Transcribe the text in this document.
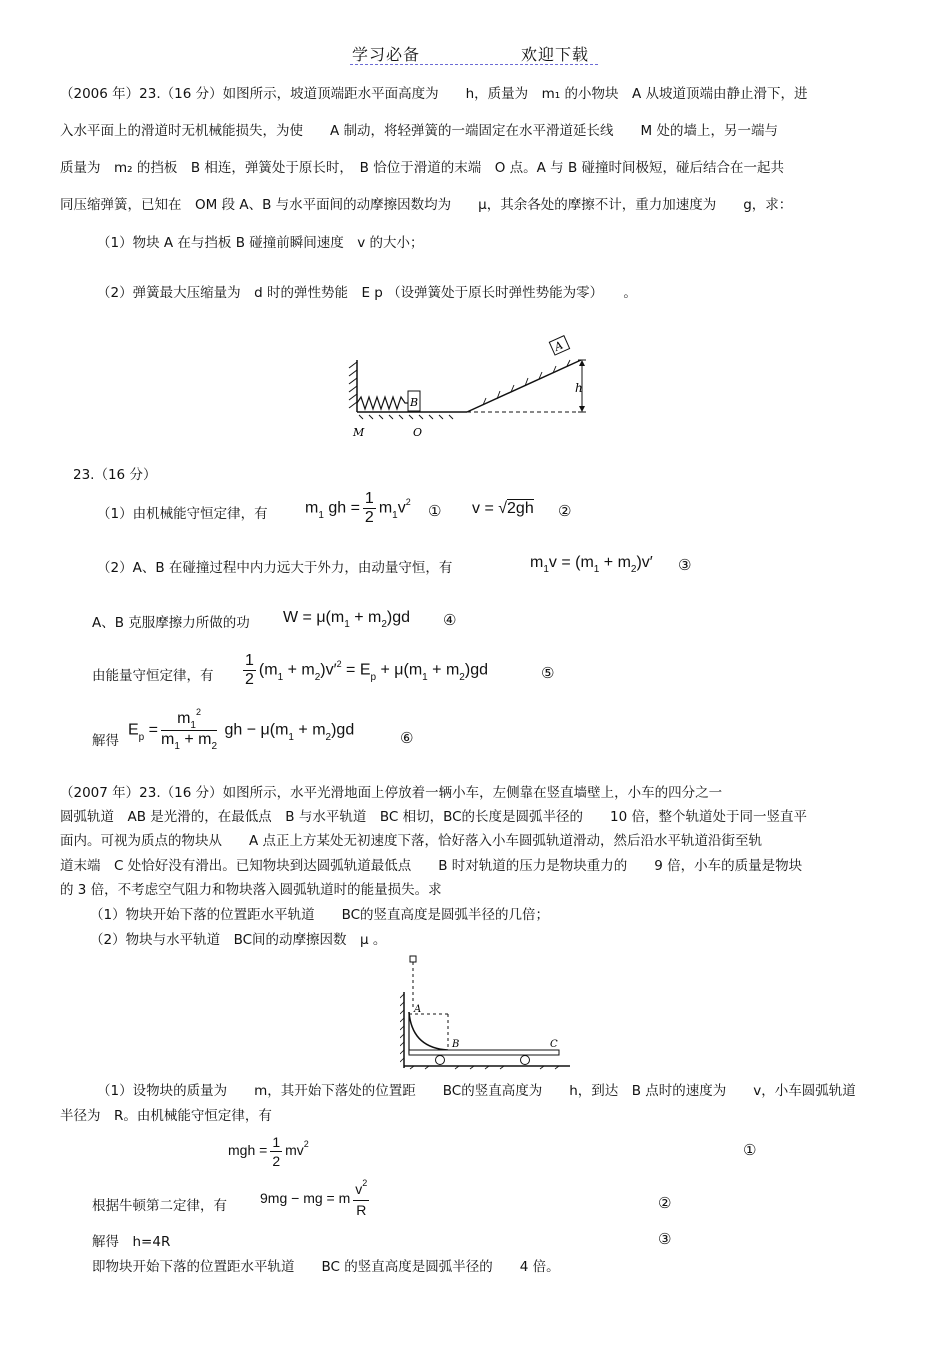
学习必备	欢迎下载
（2006 年）23.（16 分）如图所示，坡道顶端距水平面高度为　　h，质量为　m₁ 的小物块　A 从坡道顶端由静止滑下，进
入水平面上的滑道时无机械能损失，为使　　A 制动，将轻弹簧的一端固定在水平滑道延长线　　M 处的墙上，另一端与
质量为　m₂ 的挡板　B 相连，弹簧处于原长时，　B 恰位于滑道的末端　O 点。A 与 B 碰撞时间极短，碰后结合在一起共
同压缩弹簧，已知在　OM 段 A、B 与水平面间的动摩擦因数均为　　μ，其余各处的摩擦不计，重力加速度为　　g，求：
（1）物块 A 在与挡板 B 碰撞前瞬间速度　v 的大小；
（2）弹簧最大压缩量为　d 时的弹性势能　E p （设弹簧处于原长时弹性势能为零）　　。
B
A
h
M	O
23.（16 分）
（1）由机械能守恒定律，有 $m_1$ gh = $\frac{1}{2} m_1v^2$
① v = √2gh ②
（2）A、B 在碰撞过程中内力远大于外力，由动量守恒，有	$m_1v = (m_1 + m_2)v'$ ③
A、B 克服摩擦力所做的功 $W = \mu(m_1 + m_2)gd$ ④
由能量守恒定律，有 $\frac{1}{2} (m_1 + m_2)v'^2 = E_p + \mu(m_1 + m_2)gd$	⑤
解得
$E_p = \frac{m_1^2}{m_1 + m_2}$ gh − $\mu(m_1 + m_2)gd$	⑥
（2007 年）23.（16 分）如图所示，水平光滑地面上停放着一辆小车，左侧靠在竖直墙壁上，小车的四分之一
圆弧轨道　AB 是光滑的，在最低点　B 与水平轨道　BC 相切，BC的长度是圆弧半径的　　10 倍，整个轨道处于同一竖直平
面内。可视为质点的物块从　　A 点正上方某处无初速度下落，恰好落入小车圆弧轨道滑动，然后沿水平轨道沿街至轨
道末端　C 处恰好没有滑出。已知物块到达圆弧轨道最低点　　B 时对轨道的压力是物块重力的　　9 倍，小车的质量是物块
的 3 倍，不考虑空气阻力和物块落入圆弧轨道时的能量损失。求
（1）物块开始下落的位置距水平轨道　　BC的竖直高度是圆弧半径的几倍；
（2）物块与水平轨道　BC间的动摩擦因数　μ 。
A
B	C
（1）设物块的质量为　　m，其开始下落处的位置距　　BC的竖直高度为　　h，到达　B 点时的速度为　　v，小车圆弧轨道
半径为　R。由机械能守恒定律，有
mgh = $\frac{1}{2} mv^2$	①
根据牛顿第二定律，有 9mg − mg = m $\frac{v^2}{R}$	②
解得　h=4R	③
即物块开始下落的位置距水平轨道　　BC 的竖直高度是圆弧半径的　　4 倍。
